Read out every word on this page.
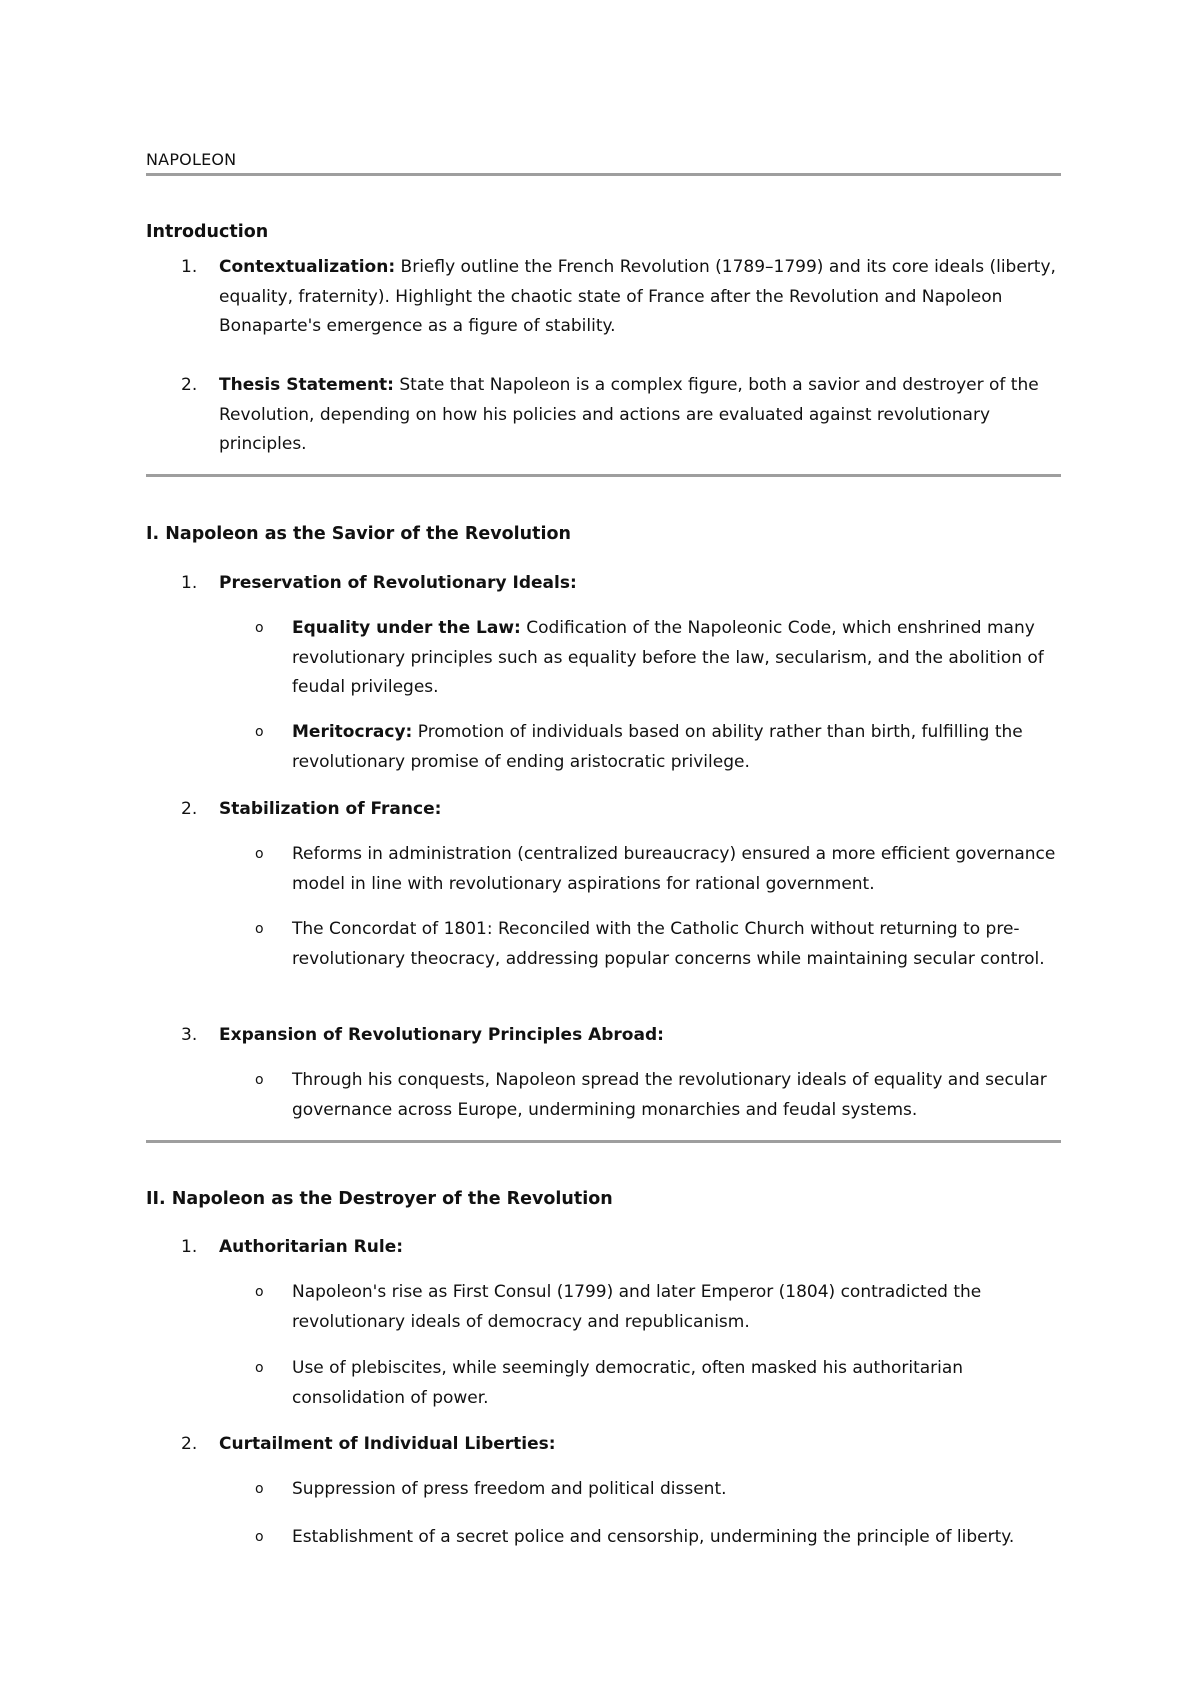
NAPOLEON
Introduction
1. Contextualization: Briefly outline the French Revolution (1789–1799) and its core ideals (liberty, equality, fraternity). Highlight the chaotic state of France after the Revolution and Napoleon Bonaparte's emergence as a figure of stability.
2. Thesis Statement: State that Napoleon is a complex figure, both a savior and destroyer of the Revolution, depending on how his policies and actions are evaluated against revolutionary principles.
I. Napoleon as the Savior of the Revolution
1. Preservation of Revolutionary Ideals:
o Equality under the Law: Codification of the Napoleonic Code, which enshrined many revolutionary principles such as equality before the law, secularism, and the abolition of feudal privileges.
o Meritocracy: Promotion of individuals based on ability rather than birth, fulfilling the revolutionary promise of ending aristocratic privilege.
2. Stabilization of France:
o Reforms in administration (centralized bureaucracy) ensured a more efficient governance model in line with revolutionary aspirations for rational government.
o The Concordat of 1801: Reconciled with the Catholic Church without returning to pre-revolutionary theocracy, addressing popular concerns while maintaining secular control.
3. Expansion of Revolutionary Principles Abroad:
o Through his conquests, Napoleon spread the revolutionary ideals of equality and secular governance across Europe, undermining monarchies and feudal systems.
II. Napoleon as the Destroyer of the Revolution
1. Authoritarian Rule:
o Napoleon's rise as First Consul (1799) and later Emperor (1804) contradicted the revolutionary ideals of democracy and republicanism.
o Use of plebiscites, while seemingly democratic, often masked his authoritarian consolidation of power.
2. Curtailment of Individual Liberties:
o Suppression of press freedom and political dissent.
o Establishment of a secret police and censorship, undermining the principle of liberty.
